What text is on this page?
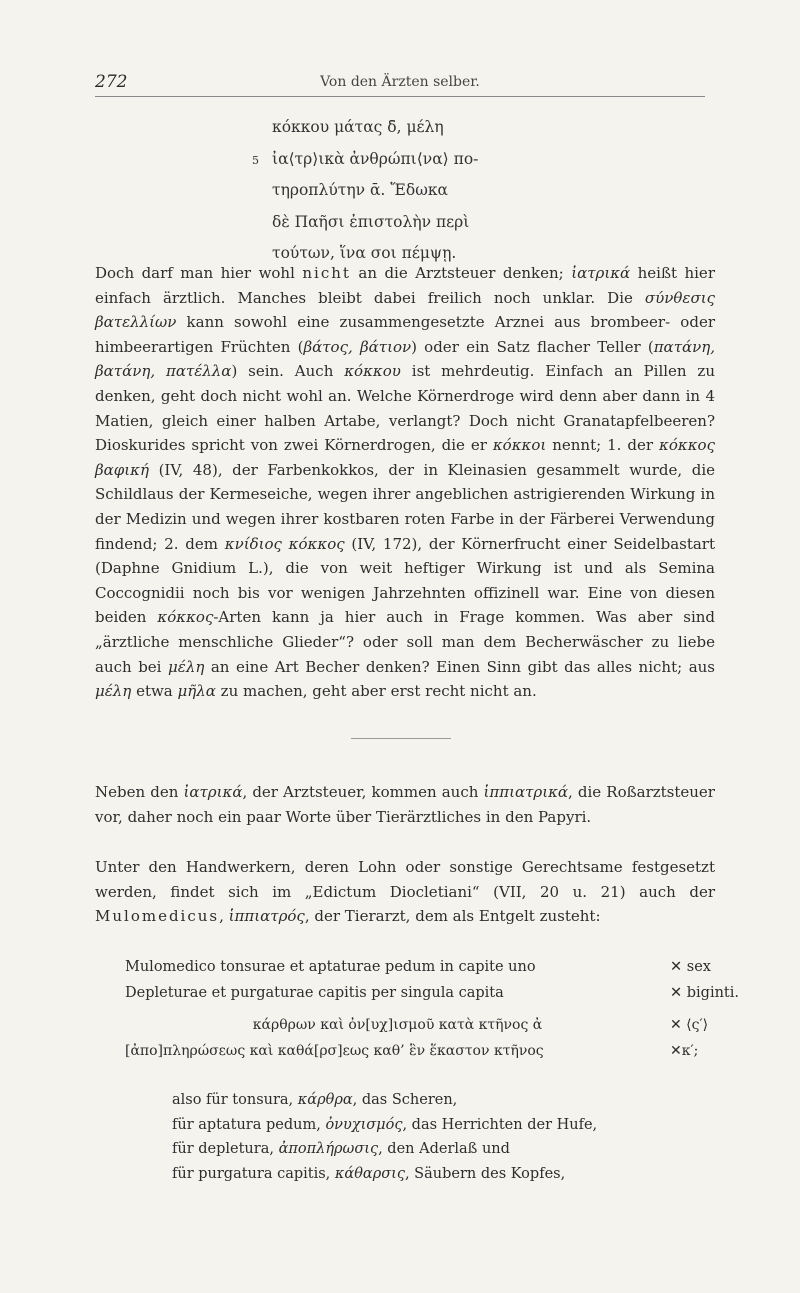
272	Von den Ärzten selber.
κόκκου μάτας δ̄, μέλη
5 ἰα⟨τρ⟩ικὰ ἀνθρώπι⟨να⟩ πο-
τηροπλύτην ᾱ. Ἔδωκα
δὲ Παῆσι ἐπιστολὴν περὶ
τούτων, ἵνα σοι πέμψῃ.
Doch darf man hier wohl nicht an die Arztsteuer denken; ἰατρικά heißt hier einfach ärztlich. Manches bleibt dabei freilich noch unklar. Die σύνθεσις βατελλίων kann sowohl eine zusammengesetzte Arznei aus brombeer- oder himbeerartigen Früchten (βάτος, βάτιον) oder ein Satz flacher Teller (πατάνη, βατάνη, πατέλλα) sein. Auch κόκκου ist mehrdeutig. Einfach an Pillen zu denken, geht doch nicht wohl an. Welche Körnerdroge wird denn aber dann in 4 Matien, gleich einer halben Artabe, verlangt? Doch nicht Granatapfelbeeren? Dioskurides spricht von zwei Körnerdrogen, die er κόκκοι nennt; 1. der κόκκος βαφική (IV, 48), der Farbenkokkos, der in Kleinasien gesammelt wurde, die Schildlaus der Kermeseiche, wegen ihrer angeblichen astrigierenden Wirkung in der Medizin und wegen ihrer kostbaren roten Farbe in der Färberei Verwendung findend; 2. dem κνίδιος κόκκος (IV, 172), der Körnerfrucht einer Seidelbastart (Daphne Gnidium L.), die von weit heftiger Wirkung ist und als Semina Coccognidii noch bis vor wenigen Jahrzehnten offizinell war. Eine von diesen beiden κόκκος-Arten kann ja hier auch in Frage kommen. Was aber sind „ärztliche menschliche Glieder“? oder soll man dem Becherwäscher zu liebe auch bei μέλη an eine Art Becher denken? Einen Sinn gibt das alles nicht; aus μέλη etwa μῆλα zu machen, geht aber erst recht nicht an.
Neben den ἰατρικά, der Arztsteuer, kommen auch ἱππιατρικά, die Roßarztsteuer vor, daher noch ein paar Worte über Tierärztliches in den Papyri.
Unter den Handwerkern, deren Lohn oder sonstige Gerechtsame festgesetzt werden, findet sich im „Edictum Diocletiani“ (VII, 20 u. 21) auch der Mulomedicus, ἱππιατρός, der Tierarzt, dem als Entgelt zusteht:
Mulomedico tonsurae et aptaturae pedum in capite uno	✕ sex
Depleturae et purgaturae capitis per singula capita	✕ biginti.
κάρθρων καὶ ὀν[υχ]ισμοῦ κατὰ κτῆνος ἀ	✕ ⟨ς′⟩
[ἀπο]πληρώσεως καὶ καθά[ρσ]εως καθ’ ἓν ἕκαστον κτῆνος	✕κ′;
also für tonsura, κάρθρα, das Scheren,
für aptatura pedum, ὀνυχισμός, das Herrichten der Hufe,
für depletura, ἀποπλήρωσις, den Aderlaß und
für purgatura capitis, κάθαρσις, Säubern des Kopfes,
